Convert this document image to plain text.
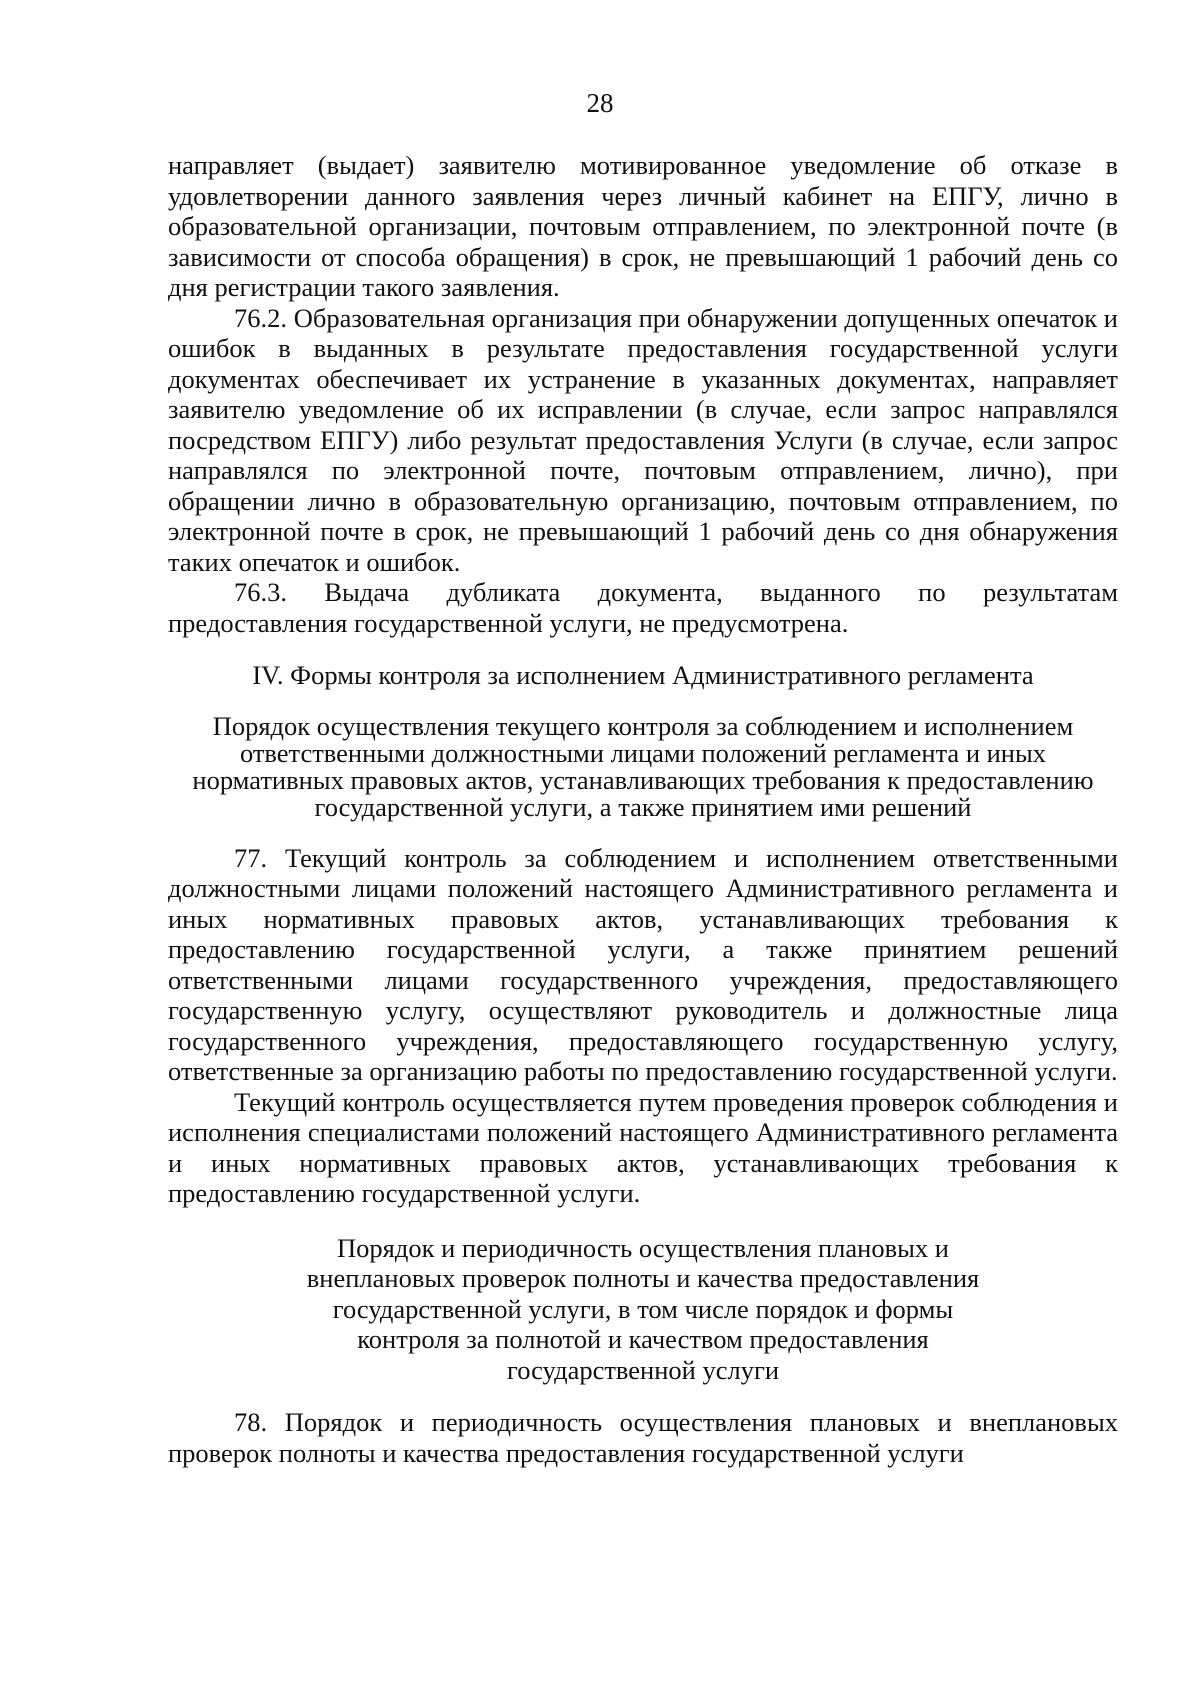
28

направляет (выдает) заявителю мотивированное уведомление об отказе в удовлетворении данного заявления через личный кабинет на ЕПГУ, лично в образовательной организации, почтовым отправлением, по электронной почте (в зависимости от способа обращения) в срок, не превышающий 1 рабочий день со дня регистрации такого заявления.

76.2. Образовательная организация при обнаружении допущенных опечаток и ошибок в выданных в результате предоставления государственной услуги документах обеспечивает их устранение в указанных документах, направляет заявителю уведомление об их исправлении (в случае, если запрос направлялся посредством ЕПГУ) либо результат предоставления Услуги (в случае, если запрос направлялся по электронной почте, почтовым отправлением, лично), при обращении лично в образовательную организацию, почтовым отправлением, по электронной почте в срок, не превышающий 1 рабочий день со дня обнаружения таких опечаток и ошибок.

76.3. Выдача дубликата документа, выданного по результатам предоставления государственной услуги, не предусмотрена.

IV. Формы контроля за исполнением Административного регламента
Порядок осуществления текущего контроля за соблюдением и исполнением ответственными должностными лицами положений регламента и иных нормативных правовых актов, устанавливающих требования к предоставлению государственной услуги, а также принятием ими решений

77. Текущий контроль за соблюдением и исполнением ответственными должностными лицами положений настоящего Административного регламента и иных нормативных правовых актов, устанавливающих требования к предоставлению государственной услуги, а также принятием решений ответственными лицами государственного учреждения, предоставляющего государственную услугу, осуществляют руководитель и должностные лица государственного учреждения, предоставляющего государственную услугу, ответственные за организацию работы по предоставлению государственной услуги.

Текущий контроль осуществляется путем проведения проверок соблюдения и исполнения специалистами положений настоящего Административного регламента и иных нормативных правовых актов, устанавливающих требования к предоставлению государственной услуги.

Порядок и периодичность осуществления плановых и внеплановых проверок полноты и качества предоставления государственной услуги, в том числе порядок и формы контроля за полнотой и качеством предоставления государственной услуги

78. Порядок и периодичность осуществления плановых и внеплановых проверок полноты и качества предоставления государственной услуги
